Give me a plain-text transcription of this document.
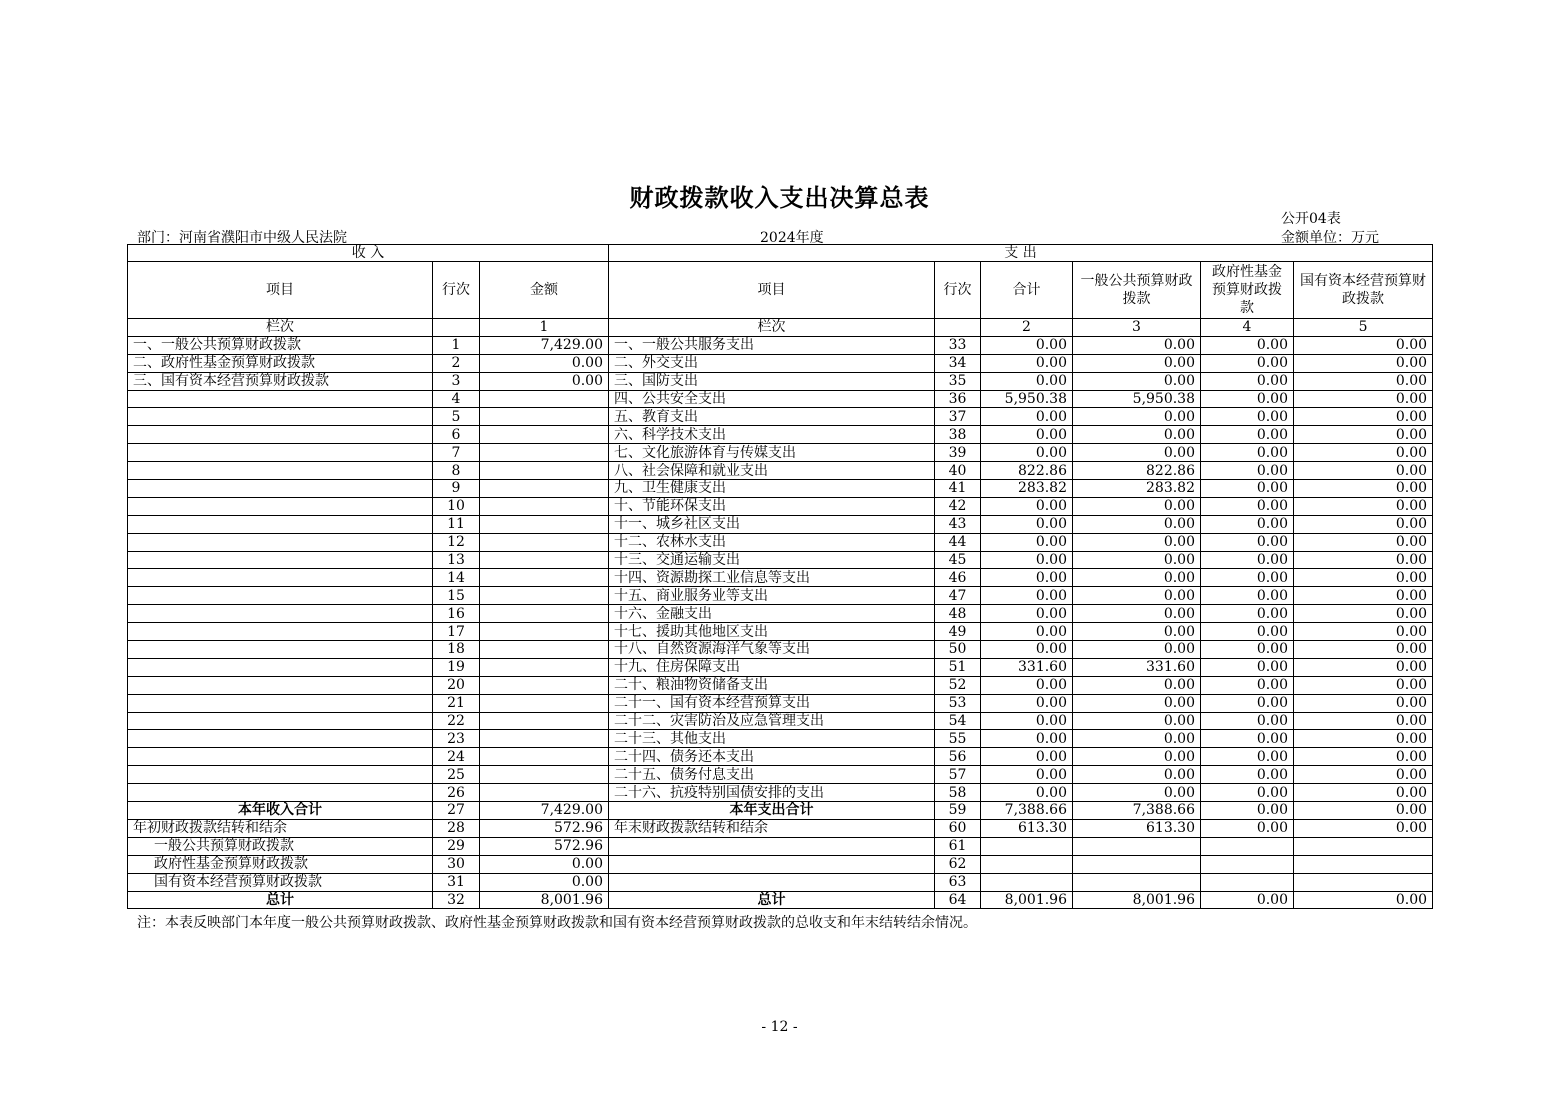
财政拨款收入支出决算总表
公开04表
部门：河南省濮阳市中级人民法院	2024年度	金额单位：万元
收 入			支 出					
项目	行次	金额	项目	行次	合计	一般公共预算财政拨款	政府性基金预算财政拨款	国有资本经营预算财政拨款
栏次		1	栏次		2	3	4	5
一、一般公共预算财政拨款	1	7,429.00	一、一般公共服务支出	33	0.00	0.00	0.00	0.00
二、政府性基金预算财政拨款	2	0.00	二、外交支出	34	0.00	0.00	0.00	0.00
三、国有资本经营预算财政拨款	3	0.00	三、国防支出	35	0.00	0.00	0.00	0.00
	4		四、公共安全支出	36	5,950.38	5,950.38	0.00	0.00
	5		五、教育支出	37	0.00	0.00	0.00	0.00
	6		六、科学技术支出	38	0.00	0.00	0.00	0.00
	7		七、文化旅游体育与传媒支出	39	0.00	0.00	0.00	0.00
	8		八、社会保障和就业支出	40	822.86	822.86	0.00	0.00
	9		九、卫生健康支出	41	283.82	283.82	0.00	0.00
	10		十、节能环保支出	42	0.00	0.00	0.00	0.00
	11		十一、城乡社区支出	43	0.00	0.00	0.00	0.00
	12		十二、农林水支出	44	0.00	0.00	0.00	0.00
	13		十三、交通运输支出	45	0.00	0.00	0.00	0.00
	14		十四、资源勘探工业信息等支出	46	0.00	0.00	0.00	0.00
	15		十五、商业服务业等支出	47	0.00	0.00	0.00	0.00
	16		十六、金融支出	48	0.00	0.00	0.00	0.00
	17		十七、援助其他地区支出	49	0.00	0.00	0.00	0.00
	18		十八、自然资源海洋气象等支出	50	0.00	0.00	0.00	0.00
	19		十九、住房保障支出	51	331.60	331.60	0.00	0.00
	20		二十、粮油物资储备支出	52	0.00	0.00	0.00	0.00
	21		二十一、国有资本经营预算支出	53	0.00	0.00	0.00	0.00
	22		二十二、灾害防治及应急管理支出	54	0.00	0.00	0.00	0.00
	23		二十三、其他支出	55	0.00	0.00	0.00	0.00
	24		二十四、债务还本支出	56	0.00	0.00	0.00	0.00
	25		二十五、债务付息支出	57	0.00	0.00	0.00	0.00
	26		二十六、抗疫特别国债安排的支出	58	0.00	0.00	0.00	0.00
本年收入合计	27	7,429.00	本年支出合计	59	7,388.66	7,388.66	0.00	0.00
年初财政拨款结转和结余	28	572.96	年末财政拨款结转和结余	60	613.30	613.30	0.00	0.00
一般公共预算财政拨款	29	572.96		61				
政府性基金预算财政拨款	30	0.00		62				
国有资本经营预算财政拨款	31	0.00		63				
总计	32	8,001.96	总计	64	8,001.96	8,001.96	0.00	0.00
注：本表反映部门本年度一般公共预算财政拨款、政府性基金预算财政拨款和国有资本经营预算财政拨款的总收支和年末结转结余情况。
- 12 -
